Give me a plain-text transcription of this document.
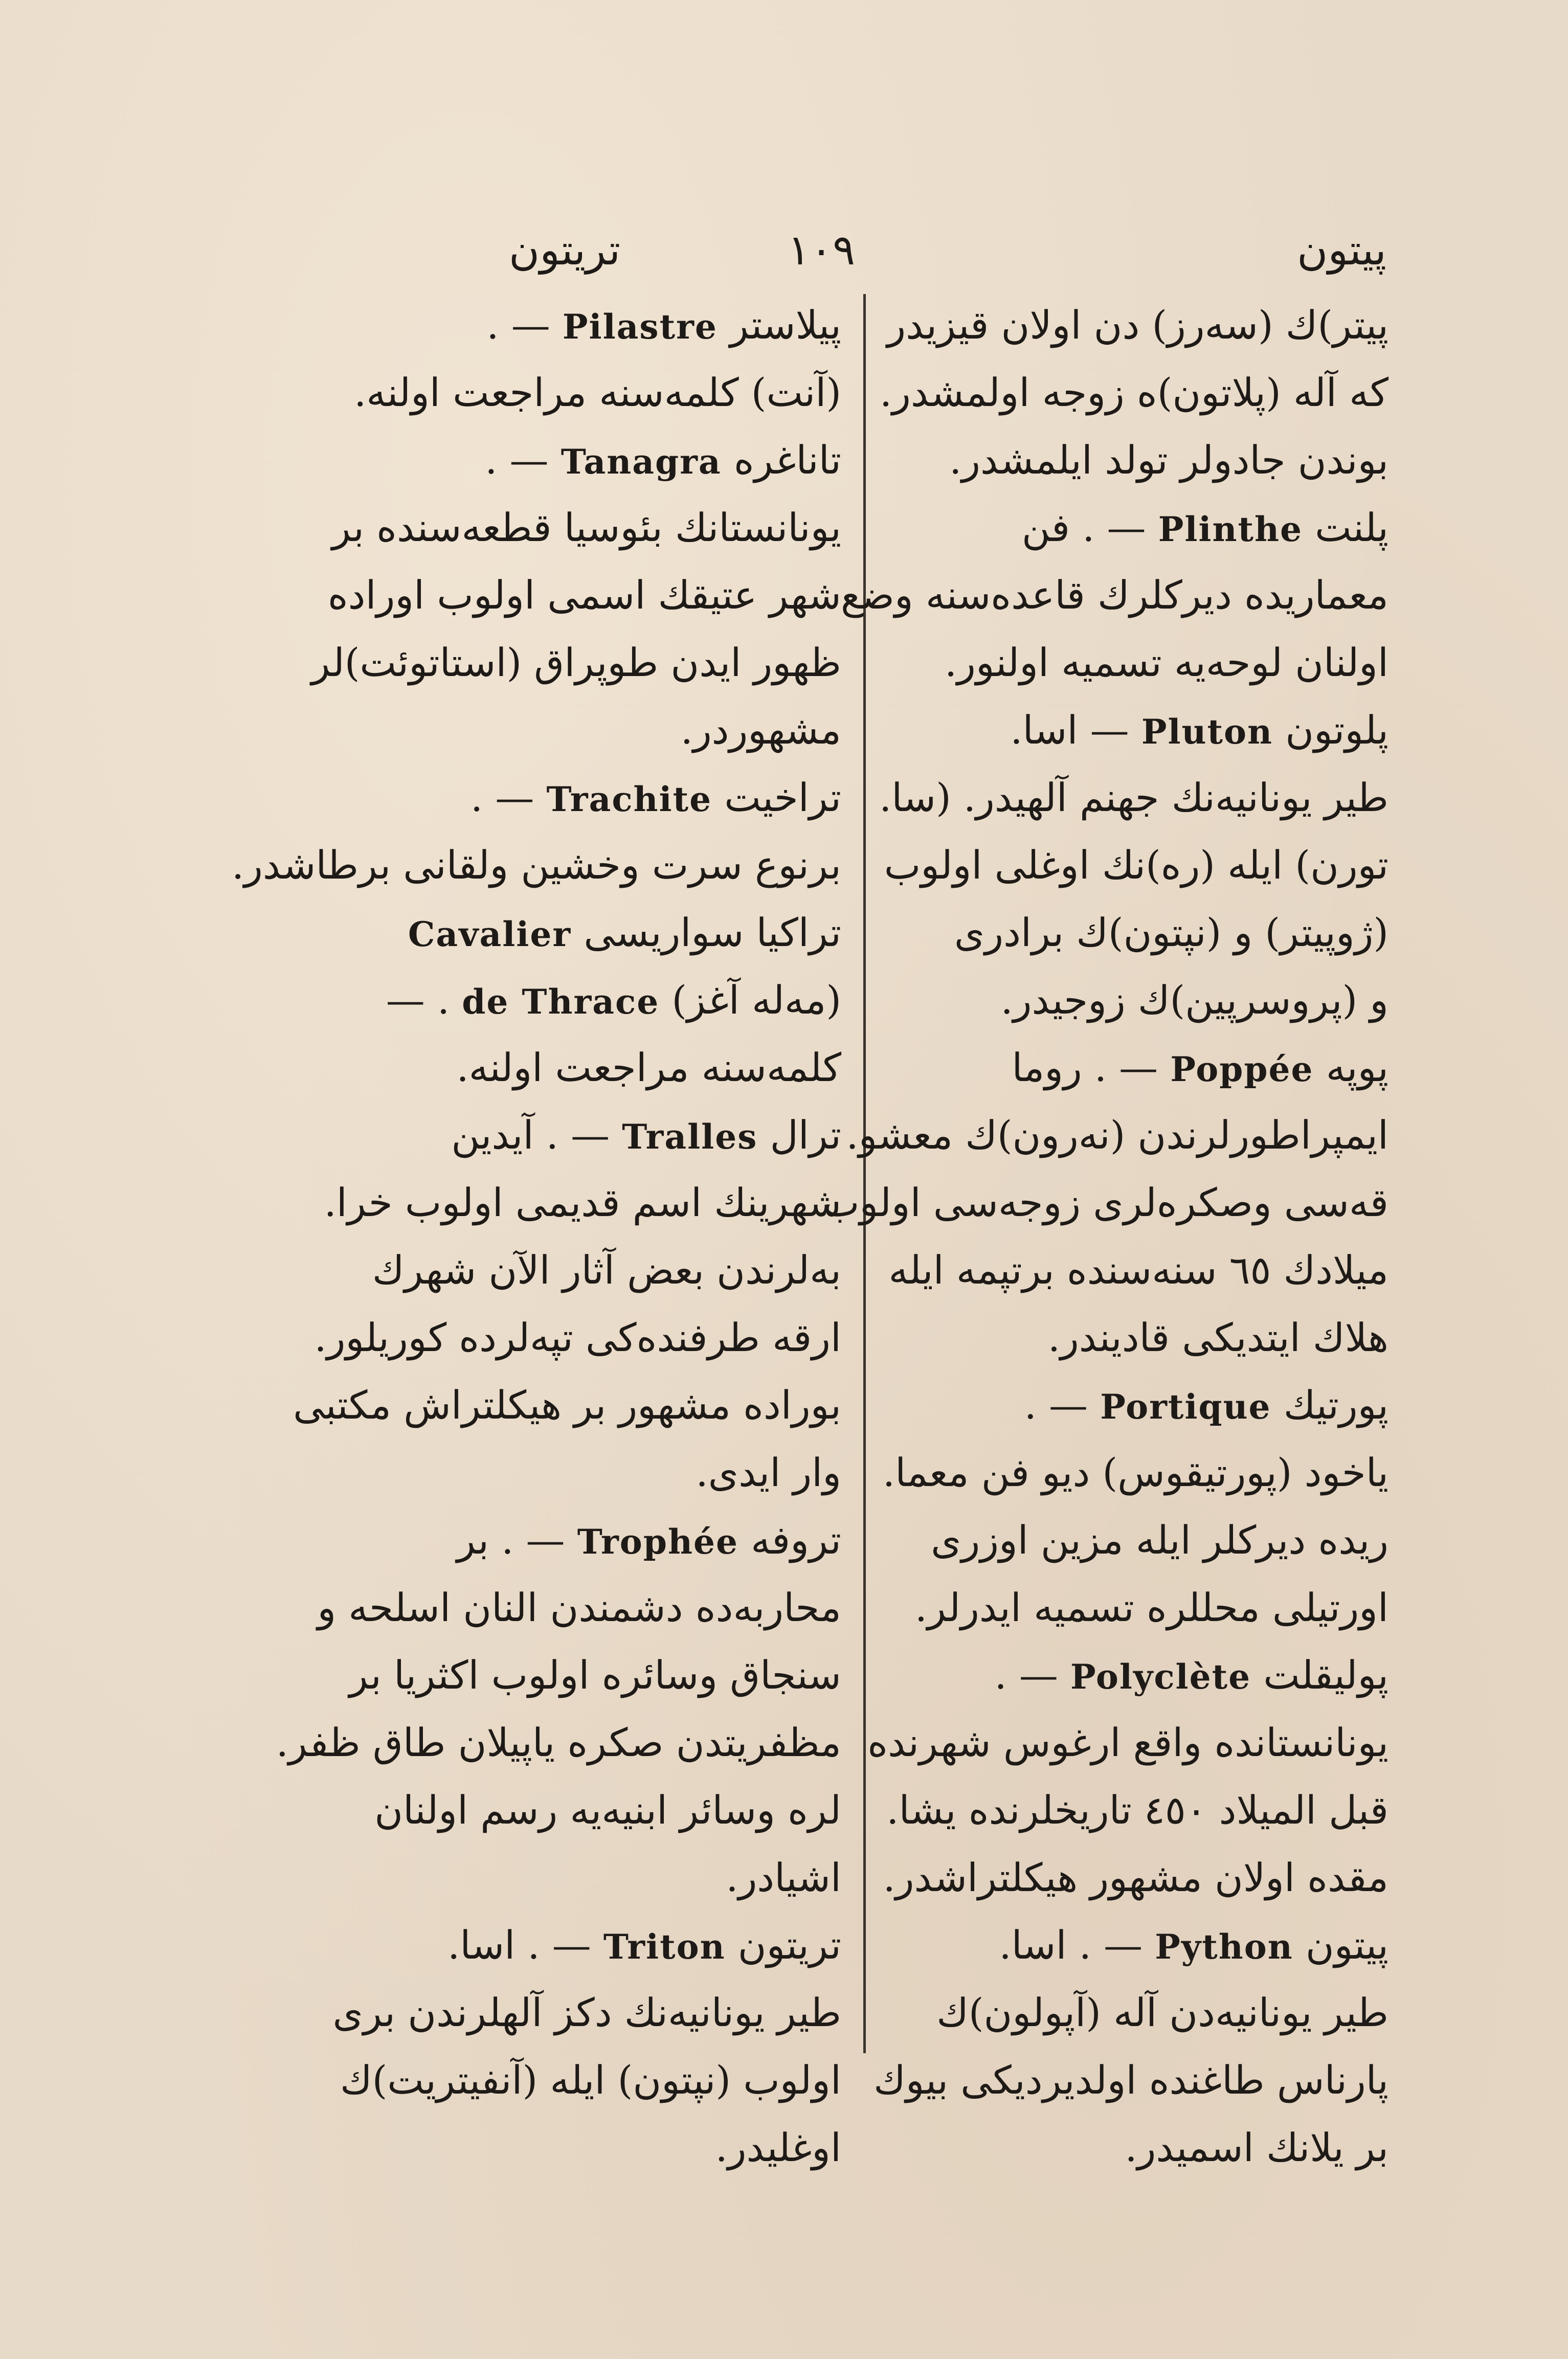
پیتون
۱۰۹
تریتون
پیتر)ك (سەرز) دن اولان قیزیدر
كە آلە (پلاتون)ە زوجە اولمشدر.
بوندن جادولر تولد ایلمشدر.
پلنت Plinthe . — فن
معماریدە دیركلرك قاعدەسنە وضع
اولنان لوحەیە تسمیە اولنور.
پلوتون Pluton — اسا.
طیر یونانیەنك جهنم آلهیدر. (سا.
تورن) ایلە (رە)نك اوغلی اولوب
(ژوپیتر) و (نپتون)ك برادری
و (پروسرپین)ك زوجیدر.
پوپە Poppée . — روما
ایمپراطورلرندن (نەرون)ك معشو.
قەسی وصكرەلری زوجەسی اولوب
میلادك ٦٥ سنەسندە برتپمە ایلە
هلاك ایتدیكی قادیندر.
پورتیك Portique . —
یاخود (پورتیقوس) دیو فن معما.
ریدە دیركلر ایلە مزین اوزری
اورتیلی محللرە تسمیە ایدرلر.
پولیقلت Polyclète . —
یونانستاندە واقع ارغوس شهرندە
قبل المیلاد ٤٥٠ تاریخلرندە یشا.
مقدە اولان مشهور هیكلتراشدر.
پیتون Python . — اسا.
طیر یونانیەدن آلە (آپولون)ك
پارناس طاغندە اولدیردیكی بیوك
بر یلانك اسمیدر.
پیلاستر Pilastre . —
(آنت) كلمەسنە مراجعت اولنە.
تاناغرە Tanagra . —
یونانستانك بئوسیا قطعەسندە بر
شهر عتیقك اسمی اولوب اورادە
ظهور ایدن طوپراق (استاتوئت)لر
مشهوردر.
تراخیت Trachite . —
برنوع سرت وخشین ولقانی برطاشدر.
تراكیا سواریسی Cavalier
(مەلە آغز) de Thrace — .
كلمەسنە مراجعت اولنە.
ترال Tralles . — آیدین
شهرینك اسم قدیمی اولوب خرا.
بەلرندن بعض آثار الآن شهرك
ارقە طرفندەكی تپەلردە كوریلور.
بورادە مشهور بر هیكلتراش مكتبی
وار ایدی.
تروفە Trophée . — بر
محاربەدە دشمندن النان اسلحە و
سنجاق وسائرە اولوب اكثریا بر
مظفریتدن صكرە یاپیلان طاق ظفر.
لرە وسائر ابنیەیە رسم اولنان
اشیادر.
تریتون Triton . — اسا.
طیر یونانیەنك دكز آلهلرندن بری
اولوب (نپتون) ایلە (آنفیتریت)ك
اوغلیدر.
